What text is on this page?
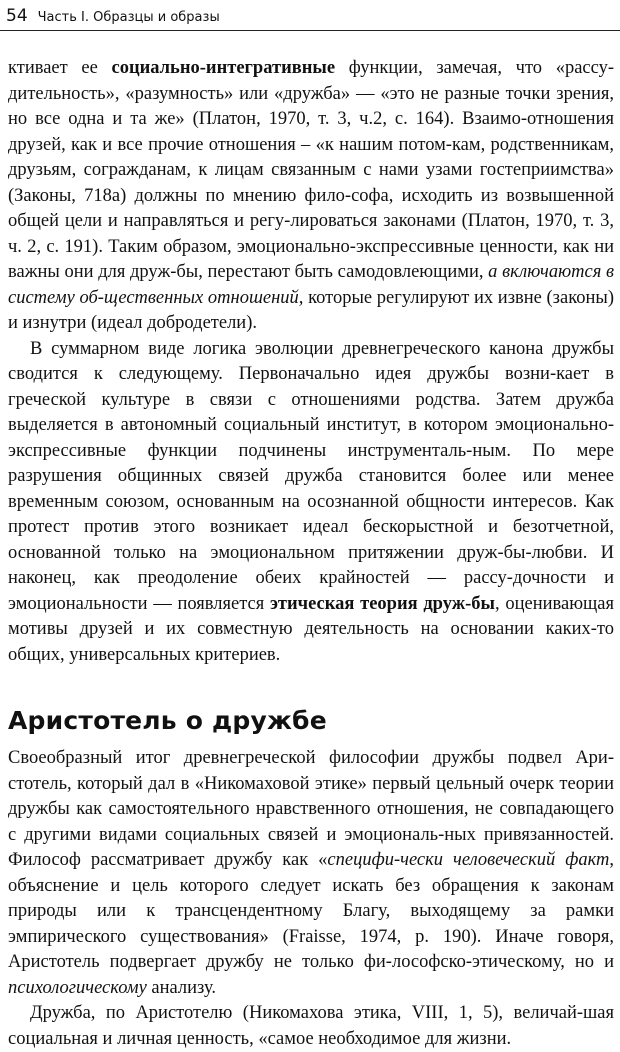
54 Часть I. Образцы и образы

ктивает ее социально-интегративные функции, замечая, что «рассу-дительность», «разумность» или «дружба» — «это не разные точки зрения, но все одна и та же» (Платон, 1970, т. 3, ч.2, с. 164). Взаимо-отношения друзей, как и все прочие отношения – «к нашим потом-кам, родственникам, друзьям, согражданам, к лицам связанным с нами узами гостеприимства» (Законы, 718а) должны по мнению фило-софа, исходить из возвышенной общей цели и направляться и регу-лироваться законами (Платон, 1970, т. 3, ч. 2, с. 191). Таким образом, эмоционально-экспрессивные ценности, как ни важны они для друж-бы, перестают быть самодовлеющими, а включаются в систему об-щественных отношений, которые регулируют их извне (законы) и изнутри (идеал добродетели).

В суммарном виде логика эволюции древнегреческого канона дружбы сводится к следующему. Первоначально идея дружбы возни-кает в греческой культуре в связи с отношениями родства. Затем дружба выделяется в автономный социальный институт, в котором эмоционально-экспрессивные функции подчинены инструменталь-ным. По мере разрушения общинных связей дружба становится более или менее временным союзом, основанным на осознанной общности интересов. Как протест против этого возникает идеал бескорыстной и безотчетной, основанной только на эмоциональном притяжении друж-бы-любви. И наконец, как преодоление обеих крайностей — рассу-дочности и эмоциональности — появляется этическая теория друж-бы, оценивающая мотивы друзей и их совместную деятельность на основании каких-то общих, универсальных критериев.

Аристотель о дружбе

Своеобразный итог древнегреческой философии дружбы подвел Ари-стотель, который дал в «Никомаховой этике» первый цельный очерк теории дружбы как самостоятельного нравственного отношения, не совпадающего с другими видами социальных связей и эмоциональ-ных привязанностей. Философ рассматривает дружбу как «специфи-чески человеческий факт, объяснение и цель которого следует искать без обращения к законам природы или к трансцендентному Благу, выходящему за рамки эмпирического существования» (Fraisse, 1974, p. 190). Иначе говоря, Аристотель подвергает дружбу не только фи-лософско-этическому, но и психологическому анализу.

Дружба, по Аристотелю (Никомахова этика, VIII, 1, 5), величай-шая социальная и личная ценность, «самое необходимое для жизни.
